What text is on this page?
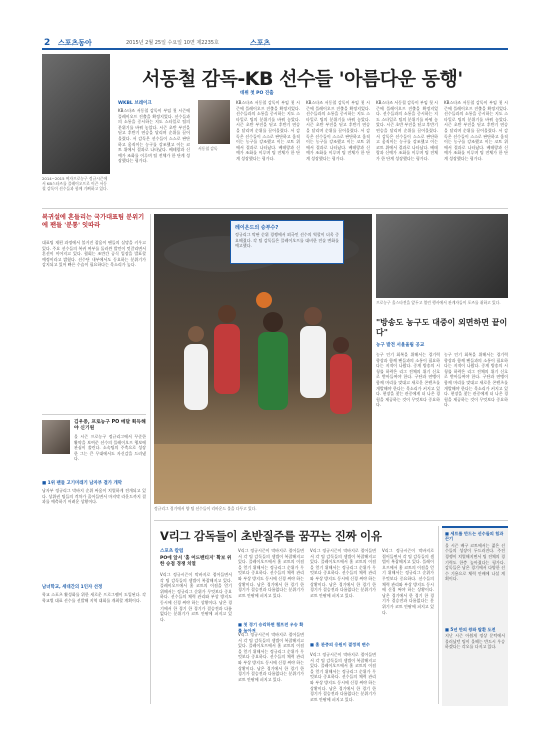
2 스포츠동아	2015년 2월 25일 수요일 10면 제2235호	스포츠
2014∼2015 여자프로농구 정규시즌에서 KB스타즈를 플레이오프로 이끈 서동철 감독이 선수들과 함께 기뻐하고 있다.
서동철 감독-KB 선수들 '아름다운 동행'
데뷔 첫 PO 진출
WKBL 브레이크
KB스타즈 서동철 감독이 부임 첫 시즌에 플레이오프 진출을 확정지었다. 선수들과의 소통을 중시하는 지도 스타일로 팀의 분위기를 바꿔 놓았다. 시즌 초반 부진을 딛고 후반기 연승을 달리며 순위를 끌어올렸다. 서 감독은 선수들이 스스로 판단하고 움직이는 농구를 강조했고 이는 코트 위에서 결과로 나타났다. 베테랑과 신예가 조화를 이루며 팀 전체가 한 단계 성장했다는 평가다.
서동철 감독
KB스타즈 서동철 감독이 부임 첫 시즌에 플레이오프 진출을 확정지었다. 선수들과의 소통을 중시하는 지도 스타일로 팀의 분위기를 바꿔 놓았다. 시즌 초반 부진을 딛고 후반기 연승을 달리며 순위를 끌어올렸다. 서 감독은 선수들이 스스로 판단하고 움직이는 농구를 강조했고 이는 코트 위에서 결과로 나타났다. 베테랑과 신예가 조화를 이루며 팀 전체가 한 단계 성장했다는 평가다.
KB스타즈 서동철 감독이 부임 첫 시즌에 플레이오프 진출을 확정지었다. 선수들과의 소통을 중시하는 지도 스타일로 팀의 분위기를 바꿔 놓았다. 시즌 초반 부진을 딛고 후반기 연승을 달리며 순위를 끌어올렸다. 서 감독은 선수들이 스스로 판단하고 움직이는 농구를 강조했고 이는 코트 위에서 결과로 나타났다. 베테랑과 신예가 조화를 이루며 팀 전체가 한 단계 성장했다는 평가다.
KB스타즈 서동철 감독이 부임 첫 시즌에 플레이오프 진출을 확정지었다. 선수들과의 소통을 중시하는 지도 스타일로 팀의 분위기를 바꿔 놓았다. 시즌 초반 부진을 딛고 후반기 연승을 달리며 순위를 끌어올렸다. 서 감독은 선수들이 스스로 판단하고 움직이는 농구를 강조했고 이는 코트 위에서 결과로 나타났다. 베테랑과 신예가 조화를 이루며 팀 전체가 한 단계 성장했다는 평가다.
KB스타즈 서동철 감독이 부임 첫 시즌에 플레이오프 진출을 확정지었다. 선수들과의 소통을 중시하는 지도 스타일로 팀의 분위기를 바꿔 놓았다. 시즌 초반 부진을 딛고 후반기 연승을 달리며 순위를 끌어올렸다. 서 감독은 선수들이 스스로 판단하고 움직이는 농구를 강조했고 이는 코트 위에서 결과로 나타났다. 베테랑과 신예가 조화를 이루며 팀 전체가 한 단계 성장했다는 평가다.
복귀설에 흔들리는 국가대표팀 분위기에 팬들 '분통' 잇따라
대표팀 재편 과정에서 불거진 잡음이 팬들의 실망을 키우고 있다. 주요 선수들의 복귀 여부를 둘러싼 발언이 엇갈리면서 혼선이 이어지고 있다. 협회는 조만간 공식 입장을 발표할 예정이라고 밝혔다. 선수단 내부에서도 동요하는 분위기가 감지되고 있어 빠른 수습이 필요하다는 목소리가 높다.
김우중, 프로농구 PO 메달 획득해야 신기원
올 시즌 프로농구 정규리그에서 꾸준한 활약을 보여준 선수의 플레이오프 행보에 관심이 쏠린다. 소속팀의 주축으로 성장한 그는 큰 무대에서도 자신감을 드러냈다.
■ 1위 팬들 고기미래기 남자부 결가 개막
남자부 정규리그 막바지 순위 싸움이 치열하게 전개되고 있다. 상위권 팀들의 격차가 줄어들면서 마지막 라운드까지 결과를 예측하기 어려운 상황이다.
남녀학교, 세대간의 1인자 선정
학교 스포츠 활성화를 위한 새로운 프로그램이 도입된다. 각 학교별 대표 선수를 선발해 지역 대회를 개최할 계획이다.
레이온드의 승부수?
정규리그 막판 순위 경쟁에서 외국인 선수의 역할이 더욱 중요해졌다. 각 팀 감독들은 플레이오프를 대비한 전술 변화를 예고했다.
정규리그 경기에서 양 팀 선수들이 리바운드 볼을 다투고 있다.
프로농구 올스타전을 앞두고 열린 행사에서 관계자들이 포즈를 취하고 있다.
"방송도 농구도 대중이 외면하면 끝이다"
농구 발전 서울올림 공교
농구 인기 회복을 위해서는 경기력 향상과 함께 팬들과의 소통이 필요하다는 지적이 나왔다. 중계 방송의 시청률 하락은 리그 전체의 위기 신호로 받아들여야 한다. 구단과 연맹이 함께 머리를 맞대고 새로운 콘텐츠를 개발해야 한다는 목소리가 커지고 있다. 현장을 찾는 관중에게 더 나은 경험을 제공하는 것이 무엇보다 중요하다.
농구 인기 회복을 위해서는 경기력 향상과 함께 팬들과의 소통이 필요하다는 지적이 나왔다. 중계 방송의 시청률 하락은 리그 전체의 위기 신호로 받아들여야 한다. 구단과 연맹이 함께 머리를 맞대고 새로운 콘텐츠를 개발해야 한다는 목소리가 커지고 있다. 현장을 찾는 관중에게 더 나은 경험을 제공하는 것이 무엇보다 중요하다.
V리그 감독들이 초반질주를 꿈꾸는 진짜 이유
스포츠 칼럼
PO에 앞서 '홈 어드밴티지' 확보 위한 승점 경쟁 치열
V리그 정규시즌이 막바지로 접어들면서 각 팀 감독들의 셈법이 복잡해지고 있다. 플레이오프에서 홈 코트의 이점을 얻기 위해서는 정규리그 순위가 무엇보다 중요하다. 선수들의 체력 관리와 부상 방지도 동시에 신경 써야 하는 상황이다. 남은 경기에서 한 경기 한 경기가 결승전과 다름없다는 분위기가 코트 안팎에 퍼지고 있다.
V리그 정규시즌이 막바지로 접어들면서 각 팀 감독들의 셈법이 복잡해지고 있다. 플레이오프에서 홈 코트의 이점을 얻기 위해서는 정규리그 순위가 무엇보다 중요하다. 선수들의 체력 관리와 부상 방지도 동시에 신경 써야 하는 상황이다. 남은 경기에서 한 경기 한 경기가 결승전과 다름없다는 분위기가 코트 안팎에 퍼지고 있다.
■ 첫 경기 승리하면 챔프전 우승 확률 높아져
V리그 정규시즌이 막바지로 접어들면서 각 팀 감독들의 셈법이 복잡해지고 있다. 플레이오프에서 홈 코트의 이점을 얻기 위해서는 정규리그 순위가 무엇보다 중요하다. 선수들의 체력 관리와 부상 방지도 동시에 신경 써야 하는 상황이다. 남은 경기에서 한 경기 한 경기가 결승전과 다름없다는 분위기가 코트 안팎에 퍼지고 있다.
V리그 정규시즌이 막바지로 접어들면서 각 팀 감독들의 셈법이 복잡해지고 있다. 플레이오프에서 홈 코트의 이점을 얻기 위해서는 정규리그 순위가 무엇보다 중요하다. 선수들의 체력 관리와 부상 방지도 동시에 신경 써야 하는 상황이다. 남은 경기에서 한 경기 한 경기가 결승전과 다름없다는 분위기가 코트 안팎에 퍼지고 있다.
■ 홈 관중의 응원이 결정적 변수
V리그 정규시즌이 막바지로 접어들면서 각 팀 감독들의 셈법이 복잡해지고 있다. 플레이오프에서 홈 코트의 이점을 얻기 위해서는 정규리그 순위가 무엇보다 중요하다. 선수들의 체력 관리와 부상 방지도 동시에 신경 써야 하는 상황이다. 남은 경기에서 한 경기 한 경기가 결승전과 다름없다는 분위기가 코트 안팎에 퍼지고 있다.
V리그 정규시즌이 막바지로 접어들면서 각 팀 감독들의 셈법이 복잡해지고 있다. 플레이오프에서 홈 코트의 이점을 얻기 위해서는 정규리그 순위가 무엇보다 중요하다. 선수들의 체력 관리와 부상 방지도 동시에 신경 써야 하는 상황이다. 남은 경기에서 한 경기 한 경기가 결승전과 다름없다는 분위기가 코트 안팎에 퍼지고 있다.
■ 세트를 만드는 선수들의 힘과 끈기
올 시즌 배구 코트에서는 젊은 선수들의 성장이 두드러진다. 주전 경쟁이 치열해지면서 팀 전체의 경기력도 한층 높아졌다는 평가다. 감독들은 남은 경기에서 다양한 선수 기용으로 체력 안배에 나설 계획이다.
■ 5년 만의 왕좌 탈환 도전
지난 시즌 아쉽게 정상 문턱에서 물러났던 팀이 올해는 반드시 우승하겠다는 각오를 다지고 있다.
